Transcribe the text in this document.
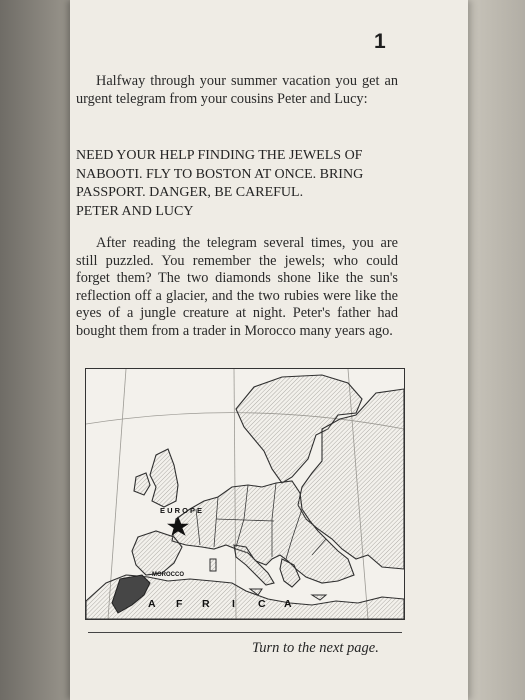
1

Halfway through your summer vacation you get an urgent telegram from your cousins Peter and Lucy:

NEED YOUR HELP FINDING THE JEWELS OF
NABOOTI. FLY TO BOSTON AT ONCE. BRING
PASSPORT. DANGER, BE CAREFUL.
PETER AND LUCY

After reading the telegram several times, you are still puzzled. You remember the jewels; who could forget them? The two diamonds shone like the sun's reflection off a glacier, and the two rubies were like the eyes of a jungle creature at night. Peter's father had bought them from a trader in Morocco many years ago.

E U R O P E
MOROCCO
A F R I C A
Turn to the next page.
